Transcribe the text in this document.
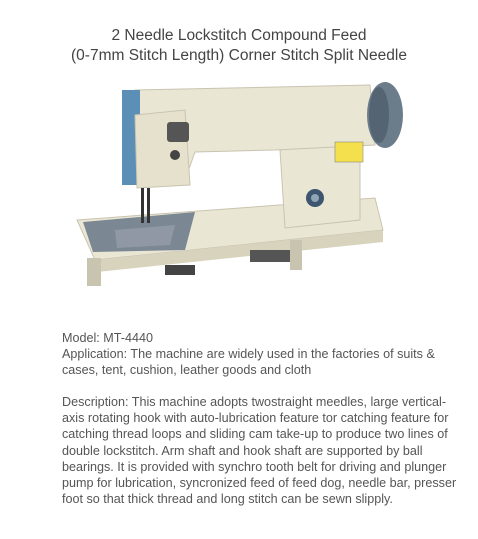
2 Needle Lockstitch Compound Feed
(0-7mm Stitch Length) Corner Stitch Split Needle
Model: MT-4440
Application: The machine are widely used in the factories of suits & cases, tent, cushion, leather goods and cloth
Description: This machine adopts twostraight meedles, large vertical-axis rotating hook with auto-lubrication feature tor catching feature for catching thread loops and sliding cam take-up to produce two lines of double lockstitch. Arm shaft and hook shaft are supported by ball bearings. It is provided with synchro tooth belt for driving and plunger pump for lubrication, syncronized feed of feed dog, needle bar, presser foot so that thick thread and long stitch can be sewn slipply.
